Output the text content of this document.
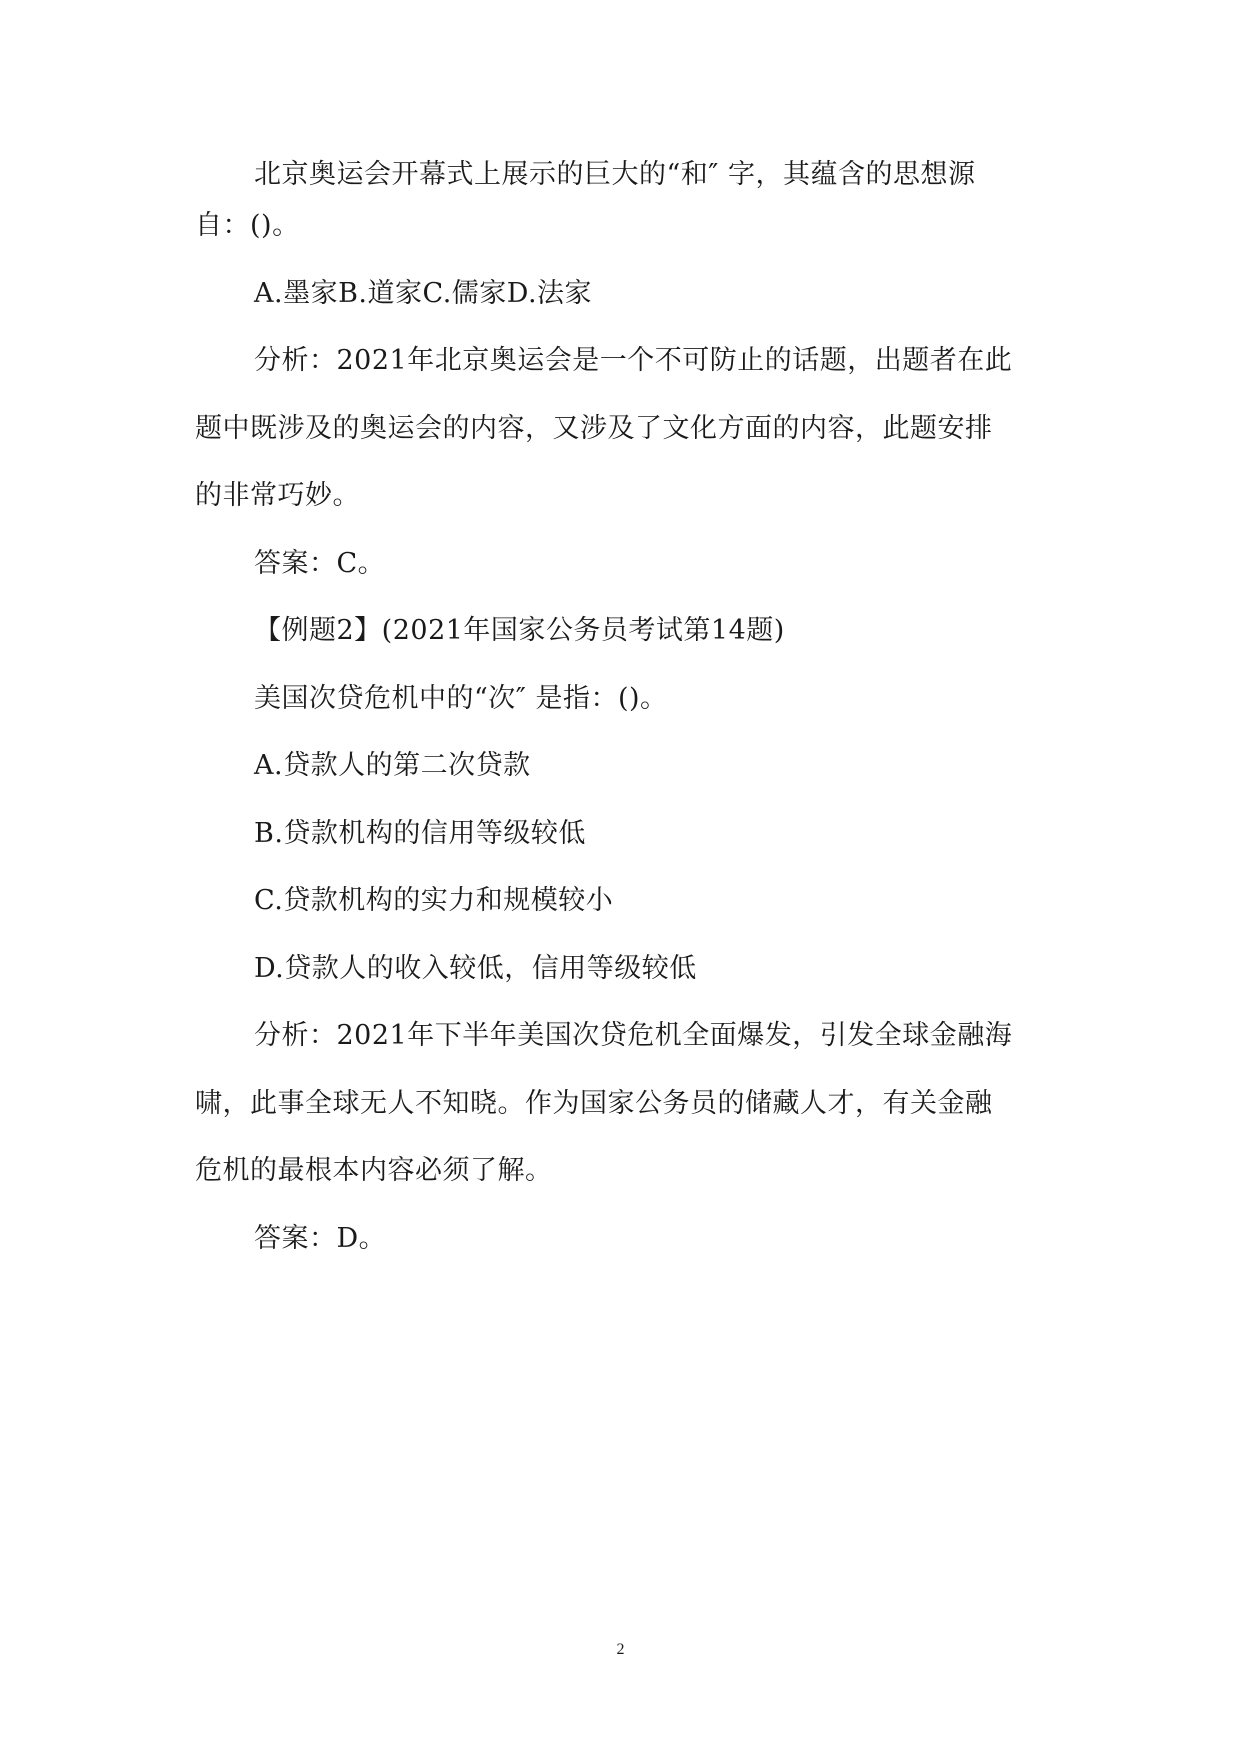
北京奥运会开幕式上展示的巨大的“和″ 字，其蕴含的思想源
自：()。
A.墨家B.道家C.儒家D.法家
分析：2021年北京奥运会是一个不可防止的话题，出题者在此
题中既涉及的奥运会的内容，又涉及了文化方面的内容，此题安排
的非常巧妙。
答案：C。
【例题2】(2021年国家公务员考试第14题)
美国次贷危机中的“次″ 是指：()。
A.贷款人的第二次贷款
B.贷款机构的信用等级较低
C.贷款机构的实力和规模较小
D.贷款人的收入较低，信用等级较低
分析：2021年下半年美国次贷危机全面爆发，引发全球金融海
啸，此事全球无人不知晓。作为国家公务员的储藏人才，有关金融
危机的最根本内容必须了解。
答案：D。
2
